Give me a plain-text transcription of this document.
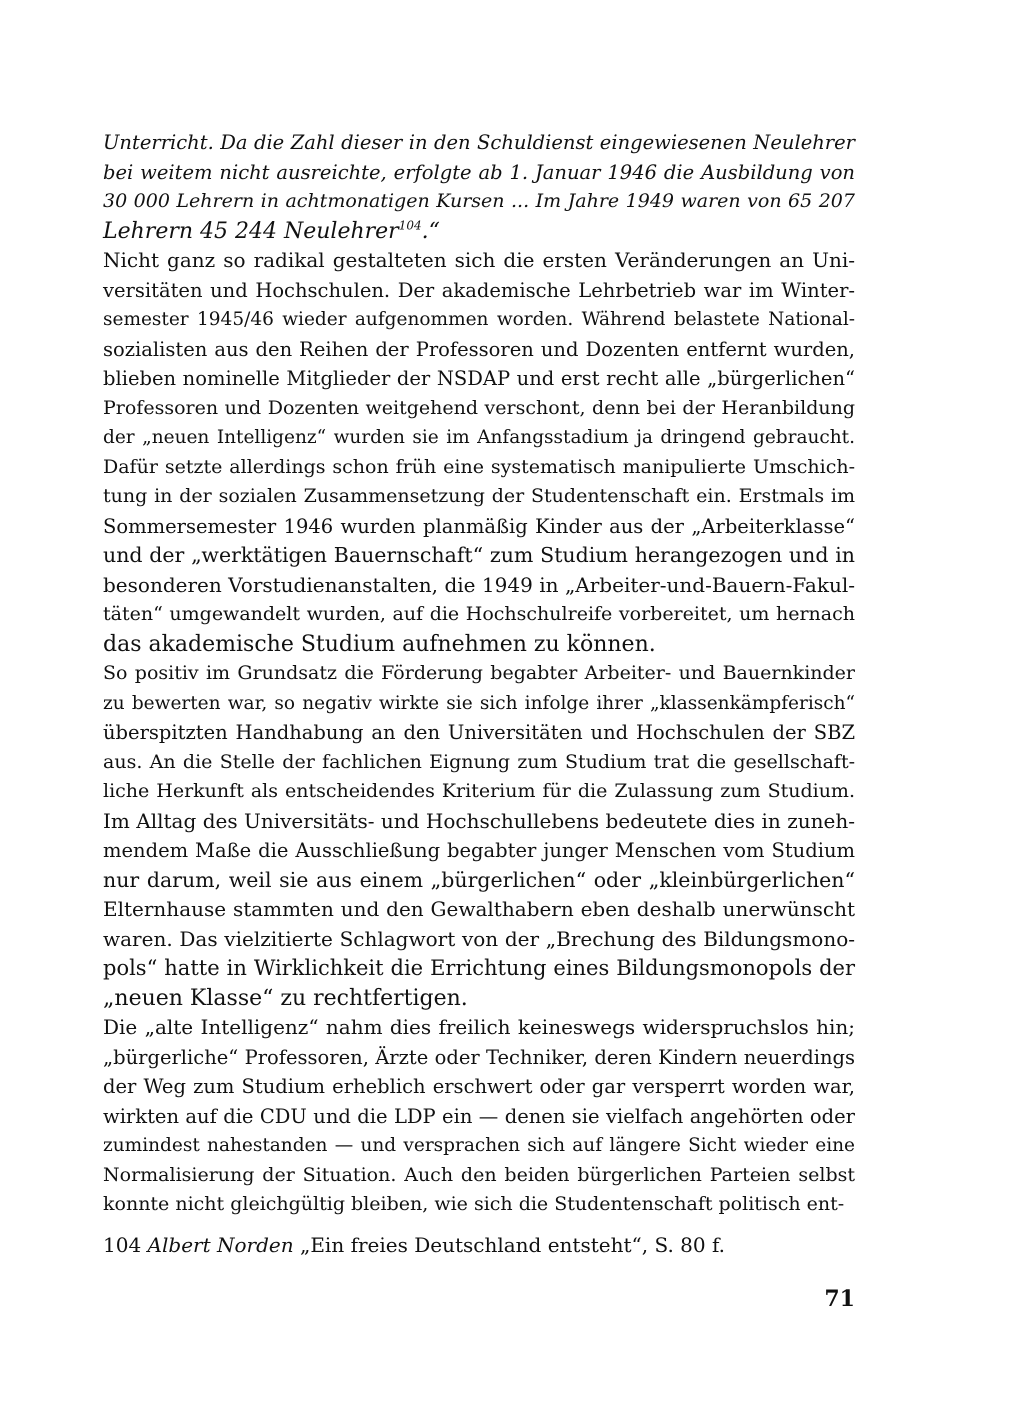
Unterricht. Da die Zahl dieser in den Schuldienst eingewiesenen Neulehrer
bei weitem nicht ausreichte, erfolgte ab 1. Januar 1946 die Ausbildung von
30 000 Lehrern in achtmonatigen Kursen ... Im Jahre 1949 waren von 65 207
Lehrern 45 244 Neulehrer$^{104}$.“
Nicht ganz so radikal gestalteten sich die ersten Veränderungen an Uni-
versitäten und Hochschulen. Der akademische Lehrbetrieb war im Winter-
semester 1945/46 wieder aufgenommen worden. Während belastete National-
sozialisten aus den Reihen der Professoren und Dozenten entfernt wurden,
blieben nominelle Mitglieder der NSDAP und erst recht alle „bürgerlichen“
Professoren und Dozenten weitgehend verschont, denn bei der Heranbildung
der „neuen Intelligenz“ wurden sie im Anfangsstadium ja dringend gebraucht.
Dafür setzte allerdings schon früh eine systematisch manipulierte Umschich-
tung in der sozialen Zusammensetzung der Studentenschaft ein. Erstmals im
Sommersemester 1946 wurden planmäßig Kinder aus der „Arbeiterklasse“
und der „werktätigen Bauernschaft“ zum Studium herangezogen und in
besonderen Vorstudienanstalten, die 1949 in „Arbeiter-und-Bauern-Fakul-
täten“ umgewandelt wurden, auf die Hochschulreife vorbereitet, um hernach
das akademische Studium aufnehmen zu können.
So positiv im Grundsatz die Förderung begabter Arbeiter- und Bauernkinder
zu bewerten war, so negativ wirkte sie sich infolge ihrer „klassenkämpferisch“
überspitzten Handhabung an den Universitäten und Hochschulen der SBZ
aus. An die Stelle der fachlichen Eignung zum Studium trat die gesellschaft-
liche Herkunft als entscheidendes Kriterium für die Zulassung zum Studium.
Im Alltag des Universitäts- und Hochschullebens bedeutete dies in zuneh-
mendem Maße die Ausschließung begabter junger Menschen vom Studium
nur darum, weil sie aus einem „bürgerlichen“ oder „kleinbürgerlichen“
Elternhause stammten und den Gewalthabern eben deshalb unerwünscht
waren. Das vielzitierte Schlagwort von der „Brechung des Bildungsmono-
pols“ hatte in Wirklichkeit die Errichtung eines Bildungsmonopols der
„neuen Klasse“ zu rechtfertigen.
Die „alte Intelligenz“ nahm dies freilich keineswegs widerspruchslos hin;
„bürgerliche“ Professoren, Ärzte oder Techniker, deren Kindern neuerdings
der Weg zum Studium erheblich erschwert oder gar versperrt worden war,
wirkten auf die CDU und die LDP ein — denen sie vielfach angehörten oder
zumindest nahestanden — und versprachen sich auf längere Sicht wieder eine
Normalisierung der Situation. Auch den beiden bürgerlichen Parteien selbst
konnte nicht gleichgültig bleiben, wie sich die Studentenschaft politisch ent-
104 Albert Norden „Ein freies Deutschland entsteht“, S. 80 f.
71
